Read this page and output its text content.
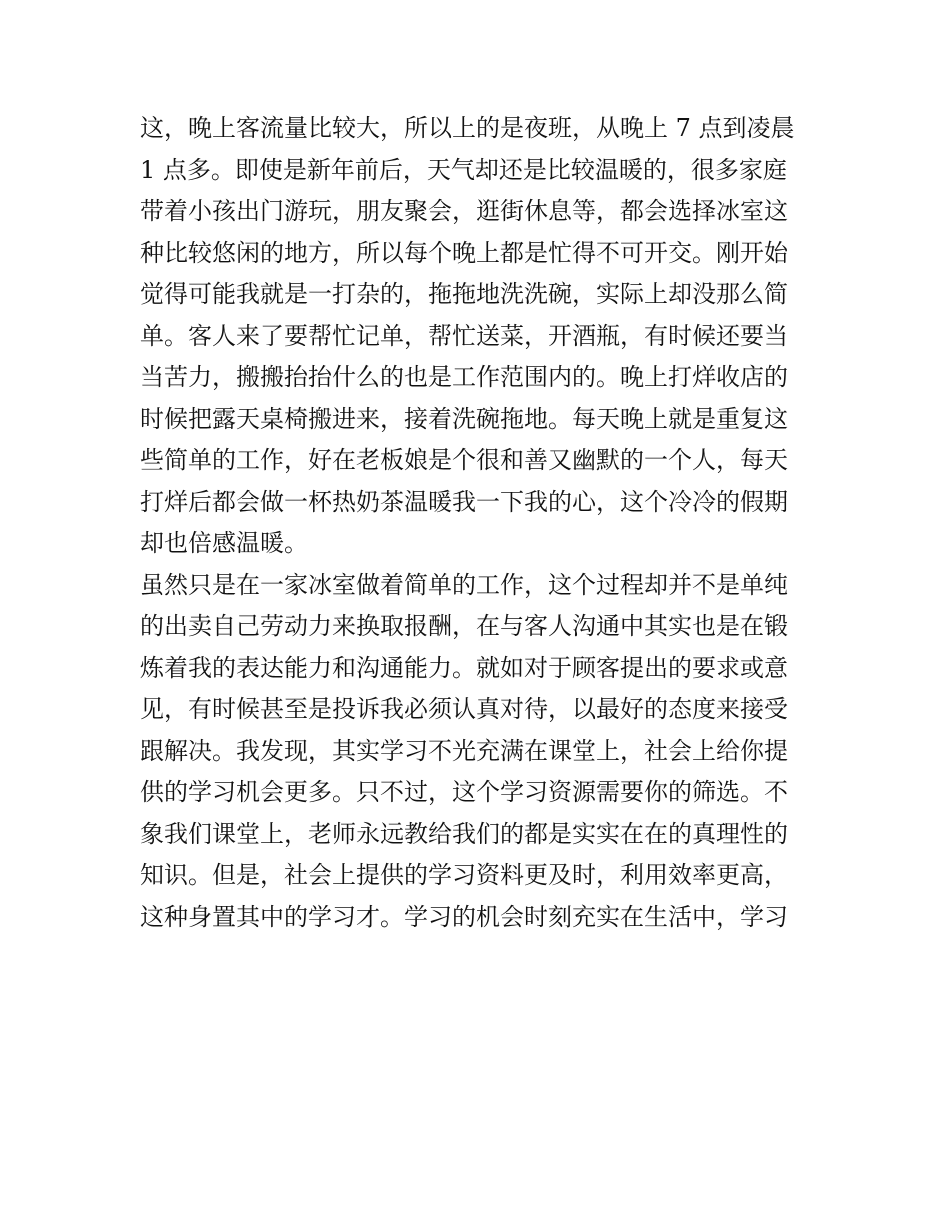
这，晚上客流量比较大，所以上的是夜班，从晚上 7 点到凌晨
1 点多。即使是新年前后，天气却还是比较温暖的，很多家庭
带着小孩出门游玩，朋友聚会，逛街休息等，都会选择冰室这
种比较悠闲的地方，所以每个晚上都是忙得不可开交。刚开始
觉得可能我就是一打杂的，拖拖地洗洗碗，实际上却没那么简
单。客人来了要帮忙记单，帮忙送菜，开酒瓶，有时候还要当
当苦力，搬搬抬抬什么的也是工作范围内的。晚上打烊收店的
时候把露天桌椅搬进来，接着洗碗拖地。每天晚上就是重复这
些简单的工作，好在老板娘是个很和善又幽默的一个人，每天
打烊后都会做一杯热奶茶温暖我一下我的心，这个冷冷的假期
却也倍感温暖。
虽然只是在一家冰室做着简单的工作，这个过程却并不是单纯
的出卖自己劳动力来换取报酬，在与客人沟通中其实也是在锻
炼着我的表达能力和沟通能力。就如对于顾客提出的要求或意
见，有时候甚至是投诉我必须认真对待，以最好的态度来接受
跟解决。我发现，其实学习不光充满在课堂上，社会上给你提
供的学习机会更多。只不过，这个学习资源需要你的筛选。不
象我们课堂上，老师永远教给我们的都是实实在在的真理性的
知识。但是，社会上提供的学习资料更及时，利用效率更高，
这种身置其中的学习才。学习的机会时刻充实在生活中，学习
